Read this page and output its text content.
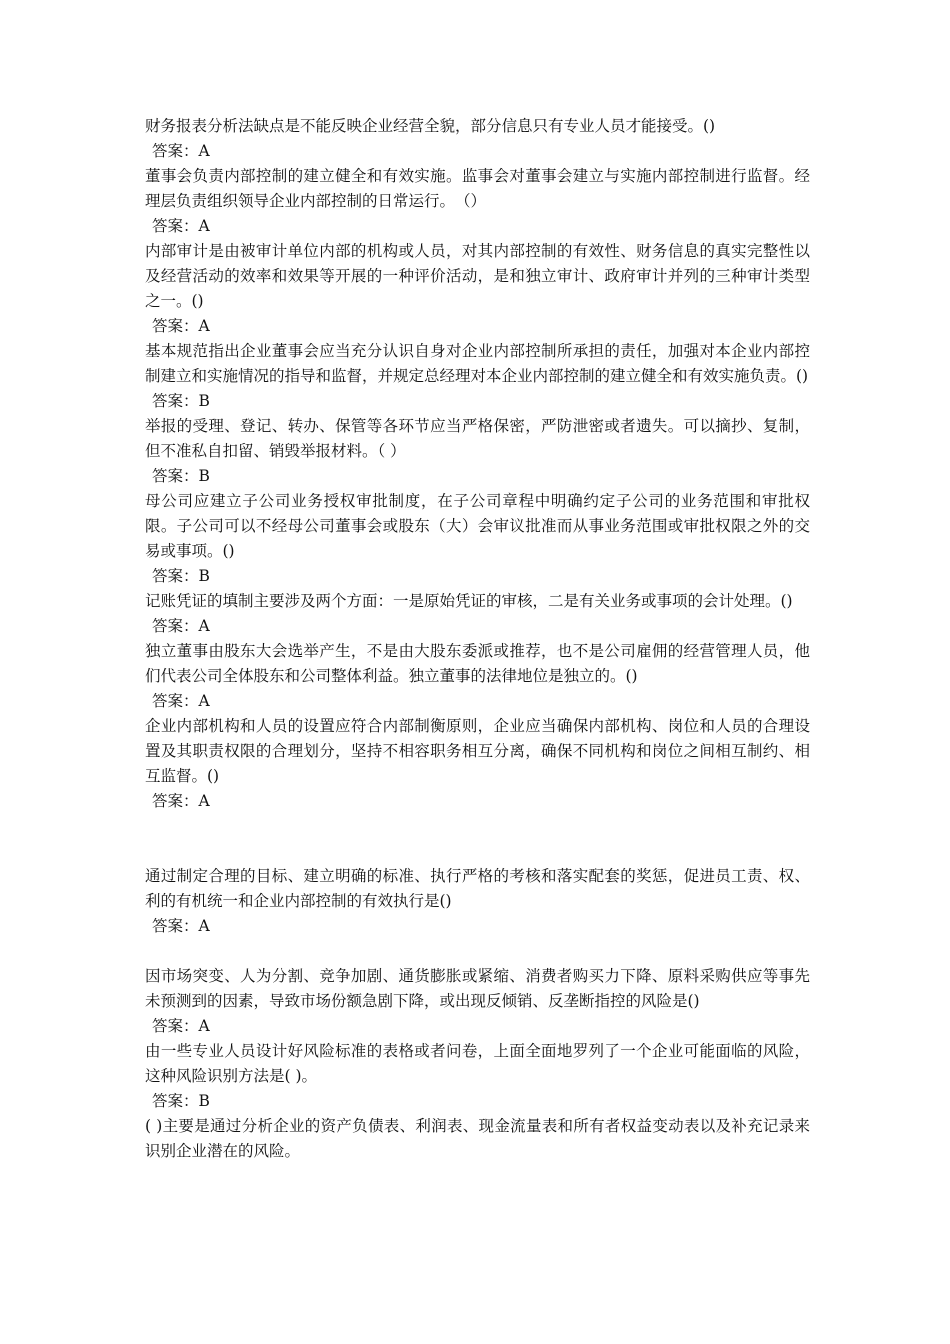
财务报表分析法缺点是不能反映企业经营全貌，部分信息只有专业人员才能接受。()

答案：A

董事会负责内部控制的建立健全和有效实施。监事会对董事会建立与实施内部控制进行监督。经理层负责组织领导企业内部控制的日常运行。　（）

答案：A

内部审计是由被审计单位内部的机构或人员，对其内部控制的有效性、财务信息的真实完整性以及经营活动的效率和效果等开展的一种评价活动，是和独立审计、政府审计并列的三种审计类型之一。()

答案：A

基本规范指出企业董事会应当充分认识自身对企业内部控制所承担的责任，加强对本企业内部控制建立和实施情况的指导和监督，并规定总经理对本企业内部控制的建立健全和有效实施负责。()

答案：B

举报的受理、登记、转办、保管等各环节应当严格保密，严防泄密或者遗失。可以摘抄、复制，但不准私自扣留、销毁举报材料。（ ）

答案：B

母公司应建立子公司业务授权审批制度，在子公司章程中明确约定子公司的业务范围和审批权限。子公司可以不经母公司董事会或股东（大）会审议批准而从事业务范围或审批权限之外的交易或事项。()

答案：B

记账凭证的填制主要涉及两个方面：一是原始凭证的审核，二是有关业务或事项的会计处理。()

答案：A

独立董事由股东大会选举产生，不是由大股东委派或推荐，也不是公司雇佣的经营管理人员，他们代表公司全体股东和公司整体利益。独立董事的法律地位是独立的。()

答案：A

企业内部机构和人员的设置应符合内部制衡原则，企业应当确保内部机构、岗位和人员的合理设置及其职责权限的合理划分，坚持不相容职务相互分离，确保不同机构和岗位之间相互制约、相互监督。()

答案：A

通过制定合理的目标、建立明确的标准、执行严格的考核和落实配套的奖惩，促进员工责、权、利的有机统一和企业内部控制的有效执行是()

答案：A

因市场突变、人为分割、竞争加剧、通货膨胀或紧缩、消费者购买力下降、原料采购供应等事先未预测到的因素，导致市场份额急剧下降，或出现反倾销、反垄断指控的风险是()

答案：A

由一些专业人员设计好风险标准的表格或者问卷，上面全面地罗列了一个企业可能面临的风险，这种风险识别方法是( )。

答案：B

( )主要是通过分析企业的资产负债表、利润表、现金流量表和所有者权益变动表以及补充记录来识别企业潜在的风险。
